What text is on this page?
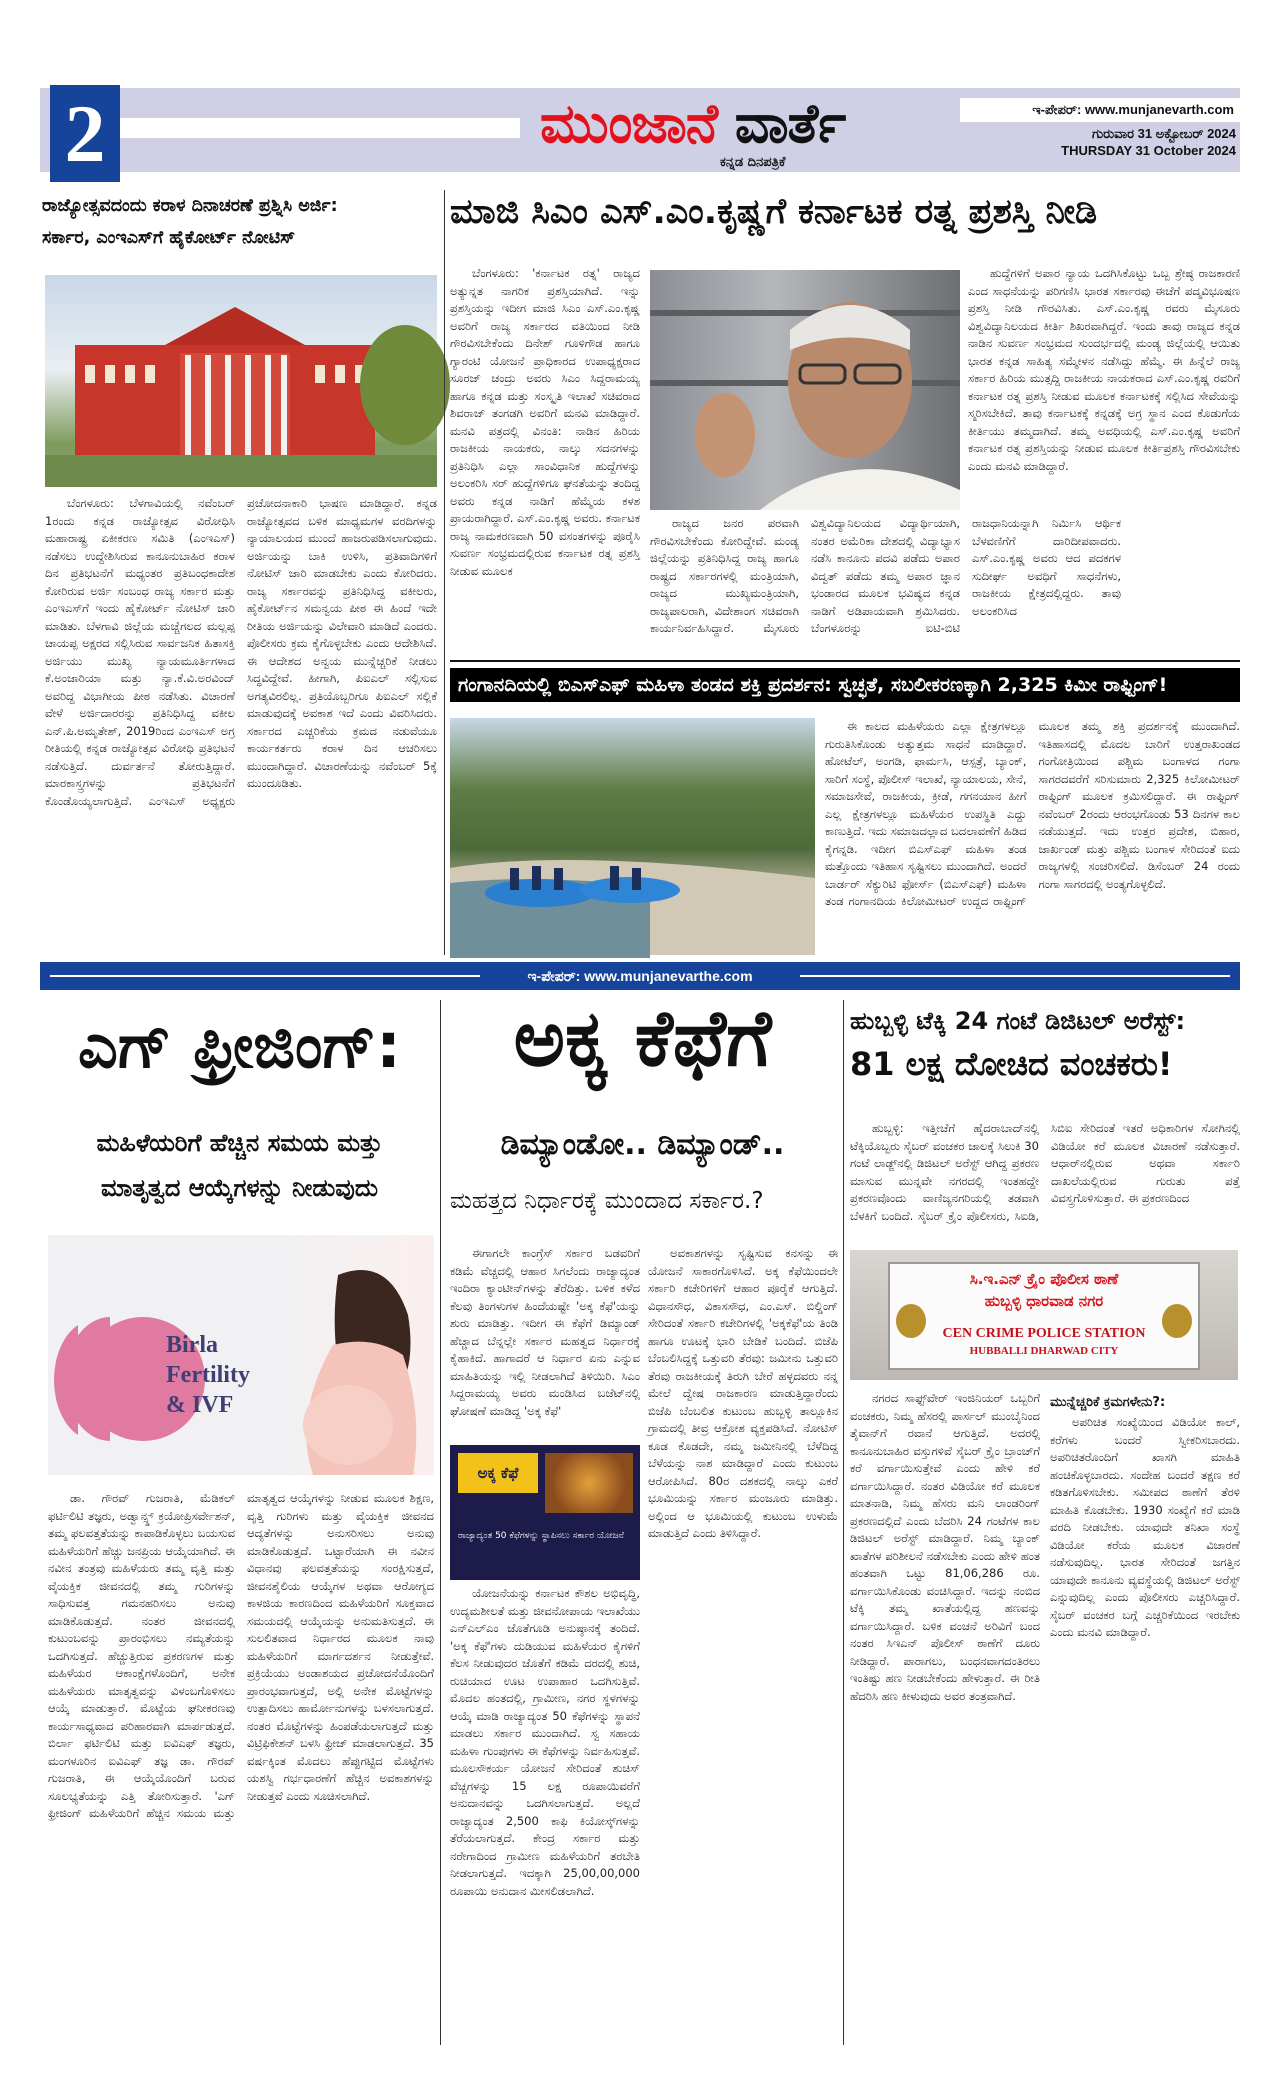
2	ಮುಂಜಾನೆ ವಾರ್ತೆ
ಕನ್ನಡ ದಿನಪತ್ರಿಕೆ
ಇ-ಪೇಪರ್: www.munjanevarth.com
ಗುರುವಾರ 31 ಅಕ್ಟೋಬರ್ 2024
THURSDAY 31 October 2024
ರಾಜ್ಯೋತ್ಸವದಂದು ಕರಾಳ ದಿನಾಚರಣೆ ಪ್ರಶ್ನಿಸಿ ಅರ್ಜಿ:
ಸರ್ಕಾರ, ಎಂಇಎಸ್‌ಗೆ ಹೈಕೋರ್ಟ್ ನೋಟಿಸ್

ಬೆಂಗಳೂರು: ಬೆಳಗಾವಿಯಲ್ಲಿ ನವೆಂಬರ್ 1ರಂದು ಕನ್ನಡ ರಾಜ್ಯೋತ್ಸವ ವಿರೋಧಿಸಿ ಮಹಾರಾಷ್ಟ್ರ ಏಕೀಕರಣ ಸಮಿತಿ (ಎಂಇಎಸ್) ನಡೆಸಲು ಉದ್ದೇಶಿಸಿರುವ ಕಾನೂನುಬಾಹಿರ ಕರಾಳ ದಿನ ಪ್ರತಿಭಟನೆಗೆ ಮಧ್ಯಂತರ ಪ್ರತಿಬಂಧಕಾದೇಶ ಕೋರಿರುವ ಅರ್ಜಿ ಸಂಬಂಧ ರಾಜ್ಯ ಸರ್ಕಾರ ಮತ್ತು ಎಂಇಎಸ್‌ಗೆ ಇಂದು ಹೈಕೋರ್ಟ್ ನೋಟಿಸ್ ಜಾರಿ ಮಾಡಿತು. ಬೆಳಗಾವಿ ಜಿಲ್ಲೆಯ ಮಚ್ಚೆಗಲದ ಮಲ್ಲಪ್ಪ ಚಾಯಪ್ಪ ಅಕ್ಷರದ ಸಲ್ಲಿಸಿರುವ ಸಾರ್ವಜನಿಕ ಹಿತಾಸಕ್ತಿ ಅರ್ಜಿಯು ಮುಖ್ಯ ನ್ಯಾಯಮೂರ್ತಿಗಳಾದ ಕೆ.ಅಂಜಾರಿಯಾ ಮತ್ತು ನ್ಯಾ.ಕೆ.ವಿ.ಅರವಿಂದ್ ಅವರಿದ್ದ ವಿಭಾಗೀಯ ಪೀಠ ನಡೆಸಿತು. ವಿಚಾರಣೆ ವೇಳೆ ಅರ್ಜಿದಾರರನ್ನು ಪ್ರತಿನಿಧಿಸಿದ್ದ ವಕೀಲ ಎನ್.ಪಿ.ಅಮೃತೇಶ್, 2019ರಿಂದ ಎಂಇಎಸ್ ಅಗ್ರ ರೀತಿಯಲ್ಲಿ ಕನ್ನಡ ರಾಜ್ಯೋತ್ಸವ ವಿರೋಧಿ ಪ್ರತಿಭಟನೆ ನಡೆಸುತ್ತಿದೆ. ದುರ್ವರ್ತನೆ ತೋರುತ್ತಿದ್ದಾರೆ. ಮಾರಕಾಸ್ತ್ರಗಳನ್ನು ಪ್ರತಿಭಟನೆಗೆ ಕೊಂಡೊಯ್ಯಲಾಗುತ್ತಿದೆ. ಎಂಇಎಸ್ ಅಧ್ಯಕ್ಷರು ಪ್ರಚೋದನಾಕಾರಿ ಭಾಷಣ ಮಾಡಿದ್ದಾರೆ. ಕನ್ನಡ ರಾಜ್ಯೋತ್ಸವದ ಬಳಿಕ ಮಾಧ್ಯಮಗಳ ವರದಿಗಳನ್ನು ನ್ಯಾಯಾಲಯದ ಮುಂದೆ ಹಾಜರುಪಡಿಸಲಾಗುವುದು. ಅರ್ಜಿಯನ್ನು ಬಾಕಿ ಉಳಿಸಿ, ಪ್ರತಿವಾದಿಗಳಿಗೆ ನೋಟಿಸ್ ಜಾರಿ ಮಾಡಬೇಕು ಎಂದು ಕೋರಿದರು. ರಾಜ್ಯ ಸರ್ಕಾರವನ್ನು ಪ್ರತಿನಿಧಿಸಿದ್ದ ವಕೀಲರು, ಹೈಕೋರ್ಟ್‌ನ ಸಮನ್ವಯ ಪೀಠ ಈ ಹಿಂದೆ ಇದೇ ರೀತಿಯ ಅರ್ಜಿಯನ್ನು ವಿಲೇವಾರಿ ಮಾಡಿದೆ ಎಂದರು. ಪೊಲೀಸರು ಕ್ರಮ ಕೈಗೊಳ್ಳಬೇಕು ಎಂದು ಆದೇಶಿಸಿದೆ. ಈ ಆದೇಶದ ಅನ್ವಯ ಮುನ್ನೆಚ್ಚರಿಕೆ ನೀಡಲು ಸಿದ್ಧವಿದ್ದೇವೆ. ಹೀಗಾಗಿ, ಪಿಐಎಲ್ ಸಲ್ಲಿಸುವ ಅಗತ್ಯವಿರಲಿಲ್ಲ. ಪ್ರತಿಯೊಬ್ಬರಿಗೂ ಪಿಐಎಲ್ ಸಲ್ಲಿಕೆ ಮಾಡುವುದಕ್ಕೆ ಅವಕಾಶ ಇದೆ ಎಂದು ವಿವರಿಸಿದರು. ಸರ್ಕಾರದ ಎಚ್ಚರಿಕೆಯ ಕ್ರಮದ ನಡುವೆಯೂ ಕಾರ್ಯಕರ್ತರು ಕರಾಳ ದಿನ ಆಚರಿಸಲು ಮುಂದಾಗಿದ್ದಾರೆ. ವಿಚಾರಣೆಯನ್ನು ನವೆಂಬರ್ 5ಕ್ಕೆ ಮುಂದೂಡಿತು.

ಮಾಜಿ ಸಿಎಂ ಎಸ್.ಎಂ.ಕೃಷ್ಣಗೆ ಕರ್ನಾಟಕ ರತ್ನ ಪ್ರಶಸ್ತಿ ನೀಡಿ

ಬೆಂಗಳೂರು: 'ಕರ್ನಾಟಕ ರತ್ನ' ರಾಜ್ಯದ ಅತ್ಯುನ್ನತ ನಾಗರಿಕ ಪ್ರಶಸ್ತಿಯಾಗಿದೆ. ಇನ್ನು ಪ್ರಶಸ್ತಿಯನ್ನು ಇದೀಗ ಮಾಜಿ ಸಿಎಂ ಎಸ್.ಎಂ.ಕೃಷ್ಣ ಅವರಿಗೆ ರಾಜ್ಯ ಸರ್ಕಾರದ ವತಿಯಿಂದ ನೀಡಿ ಗೌರವಿಸಬೇಕೆಂದು ದಿನೇಶ್ ಗೂಳಿಗೌಡ ಹಾಗೂ ಗ್ಯಾರಂಟಿ ಯೋಜನೆ ಪ್ರಾಧಿಕಾರದ ಉಪಾಧ್ಯಕ್ಷರಾದ ಸೂರಜ್ ಚಂದ್ರು ಅವರು ಸಿಎಂ ಸಿದ್ದರಾಮಯ್ಯ ಹಾಗೂ ಕನ್ನಡ ಮತ್ತು ಸಂಸ್ಕೃತಿ ಇಲಾಖೆ ಸಚಿವರಾದ ಶಿವರಾಜ್ ತಂಗಡಗಿ ಅವರಿಗೆ ಮನವಿ ಮಾಡಿದ್ದಾರೆ. ಮನವಿ ಪತ್ರದಲ್ಲಿ ವಿನಂತಿ: ನಾಡಿನ ಹಿರಿಯ ರಾಜಕೀಯ ನಾಯಕರು, ನಾಲ್ಕು ಸದನಗಳನ್ನು ಪ್ರತಿನಿಧಿಸಿ ಎಲ್ಲಾ ಸಾಂವಿಧಾನಿಕ ಹುದ್ದೆಗಳನ್ನು ಅಲಂಕರಿಸಿ ಸರ್ ಹುದ್ದೆಗಳಿಗೂ ಘನತೆಯನ್ನು ತಂದಿದ್ದ ಅವರು ಕನ್ನಡ ನಾಡಿಗೆ ಹೆಮ್ಮೆಯ ಕಳಶ ಪ್ರಾಯರಾಗಿದ್ದಾರೆ. ಎಸ್.ಎಂ.ಕೃಷ್ಣ ಅವರು. ಕರ್ನಾಟಕ ರಾಜ್ಯ ನಾಮಕರಣವಾಗಿ 50 ವಸಂತಗಳನ್ನು ಪೂರೈಸಿ ಸುವರ್ಣ ಸಂಭ್ರಮದಲ್ಲಿರುವ ಕರ್ನಾಟಕ ರತ್ನ ಪ್ರಶಸ್ತಿ ನೀಡುವ ಮೂಲಕ

ರಾಜ್ಯದ ಜನರ ಪರವಾಗಿ ಗೌರವಿಸಬೇಕೆಂದು ಕೋರಿದ್ದೇವೆ. ಮಂಡ್ಯ ಜಿಲ್ಲೆಯನ್ನು ಪ್ರತಿನಿಧಿಸಿದ್ದ ರಾಜ್ಯ ಹಾಗೂ ರಾಷ್ಟ್ರದ ಸರ್ಕಾರಗಳಲ್ಲಿ ಮಂತ್ರಿಯಾಗಿ, ರಾಜ್ಯದ ಮುಖ್ಯಮಂತ್ರಿಯಾಗಿ, ರಾಜ್ಯಪಾಲರಾಗಿ, ವಿದೇಶಾಂಗ ಸಚಿವರಾಗಿ ಕಾರ್ಯನಿರ್ವಹಿಸಿದ್ದಾರೆ. ಮೈಸೂರು ವಿಶ್ವವಿದ್ಯಾನಿಲಯದ ವಿದ್ಯಾರ್ಥಿಯಾಗಿ, ನಂತರ ಅಮೆರಿಕಾ ದೇಶದಲ್ಲಿ ವಿದ್ಯಾಭ್ಯಾಸ ನಡೆಸಿ ಕಾನೂನು ಪದವಿ ಪಡೆದು ಅಪಾರ ವಿದ್ವತ್ ಪಡೆದು ತಮ್ಮ ಅಪಾರ ಜ್ಞಾನ ಭಂಡಾರದ ಮೂಲಕ ಭವಿಷ್ಯದ ಕನ್ನಡ ನಾಡಿಗೆ ಅಡಿಪಾಯವಾಗಿ ಶ್ರಮಿಸಿದರು. ಬೆಂಗಳೂರನ್ನು ಐಟಿ-ಬಿಟಿ ರಾಜಧಾನಿಯನ್ನಾಗಿ ನಿರ್ಮಿಸಿ ಆರ್ಥಿಕ ಬೆಳವಣಿಗೆಗೆ ದಾರಿದೀಪವಾದರು. ಎಸ್.ಎಂ.ಕೃಷ್ಣ ಅವರು ಆದ ಪದಕಗಳ ಸುದೀರ್ಘ ಅವಧಿಗೆ ಸಾಧನೆಗಳು, ರಾಜಕೀಯ ಕ್ಷೇತ್ರದಲ್ಲಿದ್ದರು. ತಾವು ಅಲಂಕರಿಸಿದ

ಹುದ್ದೆಗಳಿಗೆ ಅಪಾರ ನ್ಯಾಯ ಒದಗಿಸಿಕೊಟ್ಟು ಒಬ್ಬ ಶ್ರೇಷ್ಠ ರಾಜಕಾರಣಿ ಎಂದ ಸಾಧನೆಯನ್ನು ಪರಿಗಣಿಸಿ ಭಾರತ ಸರ್ಕಾರವು ಈಚೆಗೆ ಪದ್ಮವಿಭೂಷಣ ಪ್ರಶಸ್ತಿ ನೀಡಿ ಗೌರವಿಸಿತು. ಎಸ್.ಎಂ.ಕೃಷ್ಣ ರವರು ಮೈಸೂರು ವಿಶ್ವವಿದ್ಯಾನಿಲಯದ ಕೀರ್ತಿ ಶಿಖರವಾಗಿದ್ದರೆ. ಇಂದು ತಾವು ರಾಜ್ಯದ ಕನ್ನಡ ನಾಡಿನ ಸುವರ್ಣ ಸಂಭ್ರಮದ ಸುಂದರ್ಭದಲ್ಲಿ ಮಂಡ್ಯ ಜಿಲ್ಲೆಯಲ್ಲಿ ಆಯಿತು ಭಾರತ ಕನ್ನಡ ಸಾಹಿತ್ಯ ಸಮ್ಮೇಳನ ನಡೆಸಿದ್ದು ಹೆಮ್ಮೆ. ಈ ಹಿನ್ನೆಲೆ ರಾಜ್ಯ ಸರ್ಕಾರ ಹಿರಿಯ ಮುತ್ಸದ್ದಿ ರಾಜಕೀಯ ನಾಯಕರಾದ ಎಸ್.ಎಂ.ಕೃಷ್ಣ ರವರಿಗೆ ಕರ್ನಾಟಕ ರತ್ನ ಪ್ರಶಸ್ತಿ ನೀಡುವ ಮೂಲಕ ಕರ್ನಾಟಕಕ್ಕೆ ಸಲ್ಲಿಸಿದ ಸೇವೆಯನ್ನು ಸ್ಮರಿಸಬೇಕಿದೆ. ತಾವು ಕರ್ನಾಟಕಕ್ಕೆ ಕನ್ನಡಕ್ಕೆ ಅಗ್ರ ಸ್ಥಾನ ಎಂದ ಕೊಡುಗೆಯ ಕೀರ್ತಿಯು ತಮ್ಮದಾಗಿದೆ. ತಮ್ಮ ಅವಧಿಯಲ್ಲಿ ಎಸ್.ಎಂ.ಕೃಷ್ಣ ಅವರಿಗೆ ಕರ್ನಾಟಕ ರತ್ನ ಪ್ರಶಸ್ತಿಯನ್ನು ನೀಡುವ ಮೂಲಕ ಕೀರ್ತಿಪ್ರಶಸ್ತಿ ಗೌರವಿಸಬೇಕು ಎಂದು ಮನವಿ ಮಾಡಿದ್ದಾರೆ.

ಗಂಗಾನದಿಯಲ್ಲಿ ಬಿಎಸ್‌ಎಫ್ ಮಹಿಳಾ ತಂಡದ ಶಕ್ತಿ ಪ್ರದರ್ಶನ: ಸ್ವಚ್ಛತೆ, ಸಬಲೀಕರಣಕ್ಕಾಗಿ 2,325 ಕಿಮೀ ರಾಫ್ಟಿಂಗ್!

ಈ ಕಾಲದ ಮಹಿಳೆಯರು ಎಲ್ಲಾ ಕ್ಷೇತ್ರಗಳಲ್ಲೂ ಗುರುತಿಸಿಕೊಂಡು ಅತ್ಯುತ್ತಮ ಸಾಧನೆ ಮಾಡಿದ್ದಾರೆ. ಹೋಟೆಲ್, ಅಂಗಡಿ, ಫಾರ್ಮಸಿ, ಆಸ್ಪತ್ರೆ, ಬ್ಯಾಂಕ್, ಸಾರಿಗೆ ಸಂಸ್ಥೆ, ಪೊಲೀಸ್ ಇಲಾಖೆ, ನ್ಯಾಯಾಲಯ, ಸೇನೆ, ಸಮಾಜಸೇವೆ, ರಾಜಕೀಯ, ಕ್ರೀಡೆ, ಗಗನಯಾನ ಹೀಗೆ ಎಲ್ಲ ಕ್ಷೇತ್ರಗಳಲ್ಲೂ ಮಹಿಳೆಯರ ಉಪಸ್ಥಿತಿ ಎದ್ದು ಕಾಣುತ್ತಿದೆ. ಇದು ಸಮಾಜದಲ್ಲಾದ ಬದಲಾವಣೆಗೆ ಹಿಡಿದ ಕೈಗನ್ನಡಿ. ಇದೀಗ ಬಿಎಸ್‌ಎಫ್ ಮಹಿಳಾ ತಂಡ ಮತ್ತೊಂದು ಇತಿಹಾಸ ಸೃಷ್ಟಿಸಲು ಮುಂದಾಗಿದೆ. ಅಂದರೆ ಬಾರ್ಡರ್ ಸೆಕ್ಯುರಿಟಿ ಫೋರ್ಸ್ (ಬಿಎಸ್‌ಎಫ್) ಮಹಿಳಾ ತಂಡ ಗಂಗಾನದಿಯ ಕಿಲೋಮೀಟರ್ ಉದ್ದದ ರಾಫ್ಟಿಂಗ್ ಮೂಲಕ ತಮ್ಮ ಶಕ್ತಿ ಪ್ರದರ್ಶನಕ್ಕೆ ಮುಂದಾಗಿದೆ. ಇತಿಹಾಸದಲ್ಲಿ ಮೊದಲ ಬಾರಿಗೆ ಉತ್ತರಾಖಂಡದ ಗಂಗೋತ್ರಿಯಿಂದ ಪಶ್ಚಿಮ ಬಂಗಾಳದ ಗಂಗಾ ಸಾಗರದವರೆಗೆ ಸರಿಸುಮಾರು 2,325 ಕಿಲೋಮೀಟರ್ ರಾಫ್ಟಿಂಗ್ ಮೂಲಕ ಕ್ರಮಿಸಲಿದ್ದಾರೆ. ಈ ರಾಫ್ಟಿಂಗ್ ನವೆಂಬರ್ 2ರಂದು ಆರಂಭಗೊಂಡು 53 ದಿನಗಳ ಕಾಲ ನಡೆಯುತ್ತದೆ. ಇದು ಉತ್ತರ ಪ್ರದೇಶ, ಬಿಹಾರ, ಜಾರ್ಖಂಡ್ ಮತ್ತು ಪಶ್ಚಿಮ ಬಂಗಾಳ ಸೇರಿದಂತೆ ಐದು ರಾಜ್ಯಗಳಲ್ಲಿ ಸಂಚರಿಸಲಿದೆ. ಡಿಸೆಂಬರ್ 24 ರಂದು ಗಂಗಾ ಸಾಗರದಲ್ಲಿ ಅಂತ್ಯಗೊಳ್ಳಲಿದೆ.

ಇ-ಪೇಪರ್: www.munjanevarthe.com
ಎಗ್ ಫ್ರೀಜಿಂಗ್:
ಮಹಿಳೆಯರಿಗೆ ಹೆಚ್ಚಿನ ಸಮಯ ಮತ್ತು
ಮಾತೃತ್ವದ ಆಯ್ಕೆಗಳನ್ನು ನೀಡುವುದು
Birla
Fertility
& IVF

ಡಾ. ಗೌರವ್ ಗುಜರಾತಿ, ಮೆಡಿಕಲ್ ಫರ್ಟಿಲಿಟಿ ತಜ್ಞರು, ಅಡ್ವಾನ್ಸ್ಡ್ ಕ್ರಯೋಪ್ರಿಸರ್ವೇಶನ್, ತಮ್ಮ ಫಲವತ್ತತೆಯನ್ನು ಕಾಪಾಡಿಕೊಳ್ಳಲು ಬಯಸುವ ಮಹಿಳೆಯರಿಗೆ ಹೆಚ್ಚು ಜನಪ್ರಿಯ ಆಯ್ಕೆಯಾಗಿದೆ. ಈ ನವೀನ ತಂತ್ರವು ಮಹಿಳೆಯರು ತಮ್ಮ ವೃತ್ತಿ ಮತ್ತು ವೈಯಕ್ತಿಕ ಜೀವನದಲ್ಲಿ ತಮ್ಮ ಗುರಿಗಳನ್ನು ಸಾಧಿಸುವತ್ತ ಗಮನಹರಿಸಲು ಅನುವು ಮಾಡಿಕೊಡುತ್ತದೆ. ನಂತರ ಜೀವನದಲ್ಲಿ ಕುಟುಂಬವನ್ನು ಪ್ರಾರಂಭಿಸಲು ನಮ್ಯತೆಯನ್ನು ಒದಗಿಸುತ್ತದೆ. ಹೆಚ್ಚುತ್ತಿರುವ ಪ್ರಕರಣಗಳ ಮತ್ತು ಮಹಿಳೆಯರ ಆಕಾಂಕ್ಷೆಗಳೊಂದಿಗೆ, ಅನೇಕ ಮಹಿಳೆಯರು ಮಾತೃತ್ವವನ್ನು ವಿಳಂಬಗೊಳಿಸಲು ಆಯ್ಕೆ ಮಾಡುತ್ತಾರೆ. ಮೊಟ್ಟೆಯ ಘನೀಕರಣವು ಕಾರ್ಯಸಾಧ್ಯವಾದ ಪರಿಹಾರವಾಗಿ ಮಾರ್ಪಡುತ್ತದೆ. ಬಿರ್ಲಾ ಫರ್ಟಿಲಿಟಿ ಮತ್ತು ಐವಿಎಫ್ ತಜ್ಞರು, ಮಂಗಳೂರಿನ ಐವಿಎಫ್ ತಜ್ಞ ಡಾ. ಗೌರವ್ ಗುಜರಾತಿ, ಈ ಆಯ್ಕೆಯೊಂದಿಗೆ ಬರುವ ಸೂಲಭ್ಯತೆಯನ್ನು ಎತ್ತಿ ತೋರಿಸುತ್ತಾರೆ. 'ಎಗ್ ಫ್ರೀಜಿಂಗ್ ಮಹಿಳೆಯರಿಗೆ ಹೆಚ್ಚಿನ ಸಮಯ ಮತ್ತು ಮಾತೃತ್ವದ ಆಯ್ಕೆಗಳನ್ನು ನೀಡುವ ಮೂಲಕ ಶಿಕ್ಷಣ, ವೃತ್ತಿ ಗುರಿಗಳು ಮತ್ತು ವೈಯಕ್ತಿಕ ಜೀವನದ ಆದ್ಯತೆಗಳನ್ನು ಅನುಸರಿಸಲು ಅನುವು ಮಾಡಿಕೊಡುತ್ತದೆ. ಒಟ್ಟಾರೆಯಾಗಿ ಈ ನವೀನ ವಿಧಾನವು ಫಲವತ್ತತೆಯನ್ನು ಸಂರಕ್ಷಿಸುತ್ತದೆ, ಜೀವನಶೈಲಿಯ ಆಯ್ಕೆಗಳ ಅಥವಾ ಆರೋಗ್ಯದ ಕಾಳಜಿಯ ಕಾರಣದಿಂದ ಮಹಿಳೆಯರಿಗೆ ಸೂಕ್ತವಾದ ಸಮಯದಲ್ಲಿ ಆಯ್ಕೆಯನ್ನು ಅನುಮತಿಸುತ್ತದೆ. ಈ ಸುಲಲಿತವಾದ ನಿರ್ಧಾರದ ಮೂಲಕ ನಾವು ಮಹಿಳೆಯರಿಗೆ ಮಾರ್ಗದರ್ಶನ ನೀಡುತ್ತೇವೆ. ಪ್ರಕ್ರಿಯೆಯು ಅಂಡಾಶಯದ ಪ್ರಚೋದನೆಯೊಂದಿಗೆ ಪ್ರಾರಂಭವಾಗುತ್ತದೆ, ಅಲ್ಲಿ ಅನೇಕ ಮೊಟ್ಟೆಗಳನ್ನು ಉತ್ಪಾದಿಸಲು ಹಾರ್ಮೋನುಗಳನ್ನು ಬಳಸಲಾಗುತ್ತದೆ. ನಂತರ ಮೊಟ್ಟೆಗಳನ್ನು ಹಿಂಪಡೆಯಲಾಗುತ್ತದೆ ಮತ್ತು ವಿಟ್ರಿಫಿಕೇಶನ್ ಬಳಸಿ ಫ್ರೀಜ್ ಮಾಡಲಾಗುತ್ತದೆ. 35 ವರ್ಷಕ್ಕಿಂತ ಮೊದಲು ಹೆಪ್ಪುಗಟ್ಟಿದ ಮೊಟ್ಟೆಗಳು ಯಶಸ್ವಿ ಗರ್ಭಧಾರಣೆಗೆ ಹೆಚ್ಚಿನ ಅವಕಾಶಗಳನ್ನು ನೀಡುತ್ತವೆ ಎಂದು ಸೂಚಿಸಲಾಗಿದೆ.

ಅಕ್ಕ ಕೆಫೆಗೆ
ಡಿಮ್ಯಾಂಡೋ.. ಡಿಮ್ಯಾಂಡ್..
ಮಹತ್ತದ ನಿರ್ಧಾರಕ್ಕೆ ಮುಂದಾದ ಸರ್ಕಾರ.?

ಈಗಾಗಲೇ ಕಾಂಗ್ರೆಸ್ ಸರ್ಕಾರ ಬಡವರಿಗೆ ಕಡಿಮೆ ವೆಚ್ಚದಲ್ಲಿ ಆಹಾರ ಸಿಗಲೆಂದು ರಾಜ್ಯಾದ್ಯಂತ ಇಂದಿರಾ ಕ್ಯಾಂಟೀನ್‌ಗಳನ್ನು ತೆರೆದಿತ್ತು. ಬಳಿಕ ಕಳೆದ ಕೆಲವು ತಿಂಗಳುಗಳ ಹಿಂದೆಯಷ್ಟೇ 'ಅಕ್ಕ ಕೆಫೆ'ಯನ್ನು ಶುರು ಮಾಡಿತ್ತು. ಇದೀಗ ಈ ಕೆಫೆಗೆ ಡಿಮ್ಯಾಂಡ್ ಹೆಚ್ಚಾದ ಬೆನ್ನಲ್ಲೇ ಸರ್ಕಾರ ಮಹತ್ವದ ನಿರ್ಧಾರಕ್ಕೆ ಕೈಹಾಕಿದೆ. ಹಾಗಾದರೆ ಆ ನಿರ್ಧಾರ ಏನು ಎನ್ನುವ ಮಾಹಿತಿಯನ್ನು ಇಲ್ಲಿ ನೀಡಲಾಗಿದೆ ತಿಳಿಯಿರಿ. ಸಿಎಂ ಸಿದ್ದರಾಮಯ್ಯ ಅವರು ಮಂಡಿಸಿದ ಬಜೆಟ್‌ನಲ್ಲಿ ಘೋಷಣೆ ಮಾಡಿದ್ದ 'ಅಕ್ಕ ಕೆಫೆ'

ಅಕ್ಕ ಕೆಫೆ
ರಾಜ್ಯಾದ್ಯಂತ 50 ಕೆಫೆಗಳನ್ನು ಸ್ಥಾಪಿಸಲು ಸರ್ಕಾರ ಯೋಜನೆ

ಯೋಜನೆಯನ್ನು ಕರ್ನಾಟಕ ಕೌಶಲ ಅಭಿವೃದ್ಧಿ, ಉದ್ಯಮಶೀಲತೆ ಮತ್ತು ಜೀವನೋಪಾಯ ಇಲಾಖೆಯು ಎನ್‌ಎಲ್‌ಎಂ ಜೊತೆಗೂಡಿ ಅನುಷ್ಠಾನಕ್ಕೆ ತಂದಿದೆ. 'ಅಕ್ಕ ಕೆಫೆ'ಗಳು ದುಡಿಯುವ ಮಹಿಳೆಯರ ಕೈಗಳಿಗೆ ಕೆಲಸ ನೀಡುವುದರ ಜೊತೆಗೆ ಕಡಿಮೆ ದರದಲ್ಲಿ ಶುಚಿ, ರುಚಿಯಾದ ಊಟ ಉಪಾಹಾರ ಒದಗಿಸುತ್ತಿವೆ. ಮೊದಲ ಹಂತದಲ್ಲಿ, ಗ್ರಾಮೀಣ, ನಗರ ಸ್ಥಳಗಳನ್ನು ಆಯ್ಕೆ ಮಾಡಿ ರಾಜ್ಯಾದ್ಯಂತ 50 ಕೆಫೆಗಳನ್ನು ಸ್ಥಾಪನೆ ಮಾಡಲು ಸರ್ಕಾರ ಮುಂದಾಗಿದೆ. ಸ್ವ ಸಹಾಯ ಮಹಿಳಾ ಗುಂಪುಗಳು ಈ ಕೆಫೆಗಳನ್ನು ನಿರ್ವಹಿಸುತ್ತವೆ. ಮೂಲಸೌಕರ್ಯ ಯೋಜನೆ ಸೇರಿದಂತೆ ಶುಚಿಸ್ ವೆಚ್ಚಗಳನ್ನು 15 ಲಕ್ಷ ರೂಪಾಯಿವರೆಗೆ ಅನುದಾನವನ್ನು ಒದಗಿಸಲಾಗುತ್ತದೆ. ಅಲ್ಲದೆ ರಾಜ್ಯಾದ್ಯಂತ 2,500 ಕಾಫಿ ಕಿಯೋಸ್ಕ್‌ಗಳನ್ನು ತೆರೆಯಲಾಗುತ್ತದೆ. ಕೇಂದ್ರ ಸರ್ಕಾರ ಮತ್ತು ನರೇಗಾದಿಂದ ಗ್ರಾಮೀಣ ಮಹಿಳೆಯರಿಗೆ ತರಬೇತಿ ನೀಡಲಾಗುತ್ತದೆ. ಇದಕ್ಕಾಗಿ 25,00,00,000 ರೂಪಾಯಿ ಅನುದಾನ ಮೀಸಲಿಡಲಾಗಿದೆ.

ಅವಕಾಶಗಳನ್ನು ಸೃಷ್ಟಿಸುವ ಕನಸನ್ನು ಈ ಯೋಜನೆ ಸಾಕಾರಗೊಳಿಸಿದೆ. ಅಕ್ಕ ಕೆಫೆಯಿಂದಲೇ ಸರ್ಕಾರಿ ಕಚೇರಿಗಳಿಗೆ ಆಹಾರ ಪೂರೈಕೆ ಆಗುತ್ತಿದೆ. ವಿಧಾನಸೌಧ, ವಿಕಾಸಸೌಧ, ಎಂ.ಎಸ್. ಬಿಲ್ಡಿಂಗ್ ಸೇರಿದಂತೆ ಸರ್ಕಾರಿ ಕಚೇರಿಗಳಲ್ಲಿ 'ಅಕ್ಕಕೆಫೆ'ಯ ತಿಂಡಿ ಹಾಗೂ ಊಟಕ್ಕೆ ಭಾರಿ ಬೇಡಿಕೆ ಬಂದಿದೆ. ಬಿಜೆಪಿ ಬೆಂಬಲಿಸಿದ್ದಕ್ಕೆ ಒತ್ತುವರಿ ತೆರವು: ಜಮೀನು ಒತ್ತುವರಿ ತೆರವು ರಾಜಕೀಯಕ್ಕೆ ತಿರುಗಿ ಬೇರೆ ಹಳ್ಳದವರು ನನ್ನ ಮೇಲೆ ದ್ವೇಷ ರಾಜಕಾರಣ ಮಾಡುತ್ತಿದ್ದಾರೆಂದು ಬಿಜೆಪಿ ಬೆಂಬಲಿತ ಕುಟುಂಬ ಹುಬ್ಬಳ್ಳಿ ತಾಲ್ಲೂಕಿನ ಗ್ರಾಮದಲ್ಲಿ ತೀವ್ರ ಆಕ್ರೋಶ ವ್ಯಕ್ತಪಡಿಸಿದೆ. ನೋಟಿಸ್ ಕೂಡ ಕೊಡದೇ, ನಮ್ಮ ಜಮೀನಿನಲ್ಲಿ ಬೆಳೆದಿದ್ದ ಬೆಳೆಯನ್ನು ನಾಶ ಮಾಡಿದ್ದಾರೆ ಎಂದು ಕುಟುಂಬ ಆರೋಪಿಸಿದೆ. 80ರ ದಶಕದಲ್ಲಿ ನಾಲ್ಕು ಎಕರೆ ಭೂಮಿಯನ್ನು ಸರ್ಕಾರ ಮಂಜೂರು ಮಾಡಿತ್ತು. ಅಲ್ಲಿಂದ ಆ ಭೂಮಿಯಲ್ಲಿ ಕುಟುಂಬ ಉಳುಮೆ ಮಾಡುತ್ತಿದೆ ಎಂದು ತಿಳಿಸಿದ್ದಾರೆ.

ಹುಬ್ಬಳ್ಳಿ ಟೆಕ್ಕಿ 24 ಗಂಟೆ ಡಿಜಿಟಲ್ ಅರೆಸ್ಟ್:
81 ಲಕ್ಷ ದೋಚಿದ ವಂಚಕರು!

ಹುಬ್ಬಳ್ಳಿ: ಇತ್ತೀಚೆಗೆ ಹೈದರಾಬಾದ್‌ನಲ್ಲಿ ಟೆಕ್ಕಿಯೊಬ್ಬರು ಸೈಬರ್ ವಂಚಕರ ಜಾಲಕ್ಕೆ ಸಿಲುಕಿ 30 ಗಂಟೆ ಲಾಡ್ಜ್‌ನಲ್ಲಿ ಡಿಜಿಟಲ್ ಅರೆಸ್ಟ್ ಆಗಿದ್ದ ಪ್ರಕರಣ ಮಾಸುವ ಮುನ್ನವೇ ನಗರದಲ್ಲಿ ಇಂತಹದ್ದೇ ಪ್ರಕರಣವೊಂದು ವಾಣಿಜ್ಯನಗರಿಯಲ್ಲಿ ತಡವಾಗಿ ಬೆಳಕಿಗೆ ಬಂದಿದೆ. ಸೈಬರ್ ಕ್ರೈಂ ಪೊಲೀಸರು, ಸಿಐಡಿ, ಸಿಬಿಐ ಸೇರಿದಂತೆ ಇತರೆ ಅಧಿಕಾರಿಗಳ ಸೋಗಿನಲ್ಲಿ ವಿಡಿಯೋ ಕರೆ ಮೂಲಕ ವಿಚಾರಣೆ ನಡೆಸುತ್ತಾರೆ. ಆಧಾರ್‌ನಲ್ಲಿರುವ ಅಥವಾ ಸರ್ಕಾರಿ ದಾಖಲೆಯಲ್ಲಿರುವ ಗುರುತು ಪತ್ತೆ ವಿವಸ್ತ್ರಗೊಳಿಸುತ್ತಾರೆ. ಈ ಪ್ರಕರಣದಿಂದ

ಸಿ.ಇ.ಎನ್ ಕ್ರೈಂ ಪೊಲೀಸ ಠಾಣೆ
ಹುಬ್ಬಳ್ಳಿ ಧಾರವಾಡ ನಗರ
CEN CRIME POLICE STATION
HUBBALLI DHARWAD CITY

ನಗರದ ಸಾಫ್ಟ್‌ವೇರ್ ಇಂಜಿನಿಯರ್ ಒಬ್ಬರಿಗೆ ವಂಚಕರು, ನಿಮ್ಮ ಹೆಸರಲ್ಲಿ ಪಾರ್ಸಲ್ ಮುಂಬೈನಿಂದ ತೈವಾನ್‌ಗೆ ರವಾನೆ ಆಗುತ್ತಿದೆ. ಅದರಲ್ಲಿ ಕಾನೂನುಬಾಹಿರ ವಸ್ತುಗಳಿವೆ ಸೈಬರ್ ಕ್ರೈಂ ಬ್ರಾಂಚ್‌ಗೆ ಕರೆ ವರ್ಗಾಯಿಸುತ್ತೇವೆ ಎಂದು ಹೇಳಿ ಕರೆ ವರ್ಗಾಯಿಸಿದ್ದಾರೆ. ನಂತರ ವಿಡಿಯೋ ಕರೆ ಮೂಲಕ ಮಾತನಾಡಿ, ನಿಮ್ಮ ಹೆಸರು ಮನಿ ಲಾಂಡರಿಂಗ್ ಪ್ರಕರಣದಲ್ಲಿದೆ ಎಂದು ಬೆದರಿಸಿ 24 ಗಂಟೆಗಳ ಕಾಲ ಡಿಜಿಟಲ್ ಅರೆಸ್ಟ್ ಮಾಡಿದ್ದಾರೆ. ನಿಮ್ಮ ಬ್ಯಾಂಕ್ ಖಾತೆಗಳ ಪರಿಶೀಲನೆ ನಡೆಸಬೇಕು ಎಂದು ಹೇಳಿ ಹಂತ ಹಂತವಾಗಿ ಒಟ್ಟು 81,06,286 ರೂ. ವರ್ಗಾಯಿಸಿಕೊಂಡು ವಂಚಿಸಿದ್ದಾರೆ. ಇದನ್ನು ನಂಬಿದ ಟೆಕ್ಕಿ ತಮ್ಮ ಖಾತೆಯಲ್ಲಿದ್ದ ಹಣವನ್ನು ವರ್ಗಾಯಿಸಿದ್ದಾರೆ. ಬಳಿಕ ವಂಚನೆ ಅರಿವಿಗೆ ಬಂದ ನಂತರ ಸಿಇಎನ್ ಪೊಲೀಸ್ ಠಾಣೆಗೆ ದೂರು ನೀಡಿದ್ದಾರೆ. ಪಾರಾಗಲು, ಬಂಧನವಾಗದಂತಿರಲು ಇಂತಿಷ್ಟು ಹಣ ನೀಡಬೇಕೆಂದು ಹೇಳುತ್ತಾರೆ. ಈ ರೀತಿ ಹೆದರಿಸಿ ಹಣ ಕೀಳುವುದು ಅವರ ತಂತ್ರವಾಗಿದೆ.

ಮುನ್ನೆಚ್ಚರಿಕೆ ಕ್ರಮಗಳೇನು?:

ಅಪರಿಚಿತ ಸಂಖ್ಯೆಯಿಂದ ವಿಡಿಯೋ ಕಾಲ್, ಕರೆಗಳು ಬಂದರೆ ಸ್ವೀಕರಿಸಬಾರದು. ಅಪರಿಚಿತರೊಂದಿಗೆ ಖಾಸಗಿ ಮಾಹಿತಿ ಹಂಚಿಕೊಳ್ಳಬಾರದು. ಸಂದೇಹ ಬಂದರೆ ತಕ್ಷಣ ಕರೆ ಕಡಿತಗೊಳಿಸಬೇಕು. ಸಮೀಪದ ಠಾಣೆಗೆ ತೆರಳಿ ಮಾಹಿತಿ ಕೊಡಬೇಕು. 1930 ಸಂಖ್ಯೆಗೆ ಕರೆ ಮಾಡಿ ವರದಿ ನೀಡಬೇಕು. ಯಾವುದೇ ತನಿಖಾ ಸಂಸ್ಥೆ ವಿಡಿಯೋ ಕರೆಯ ಮೂಲಕ ವಿಚಾರಣೆ ನಡೆಸುವುದಿಲ್ಲ. ಭಾರತ ಸೇರಿದಂತೆ ಜಗತ್ತಿನ ಯಾವುದೇ ಕಾನೂನು ವ್ಯವಸ್ಥೆಯಲ್ಲಿ ಡಿಜಿಟಲ್ ಅರೆಸ್ಟ್ ಎನ್ನುವುದಿಲ್ಲ ಎಂದು ಪೊಲೀಸರು ಎಚ್ಚರಿಸಿದ್ದಾರೆ. ಸೈಬರ್ ವಂಚಕರ ಬಗ್ಗೆ ಎಚ್ಚರಿಕೆಯಿಂದ ಇರಬೇಕು ಎಂದು ಮನವಿ ಮಾಡಿದ್ದಾರೆ.
